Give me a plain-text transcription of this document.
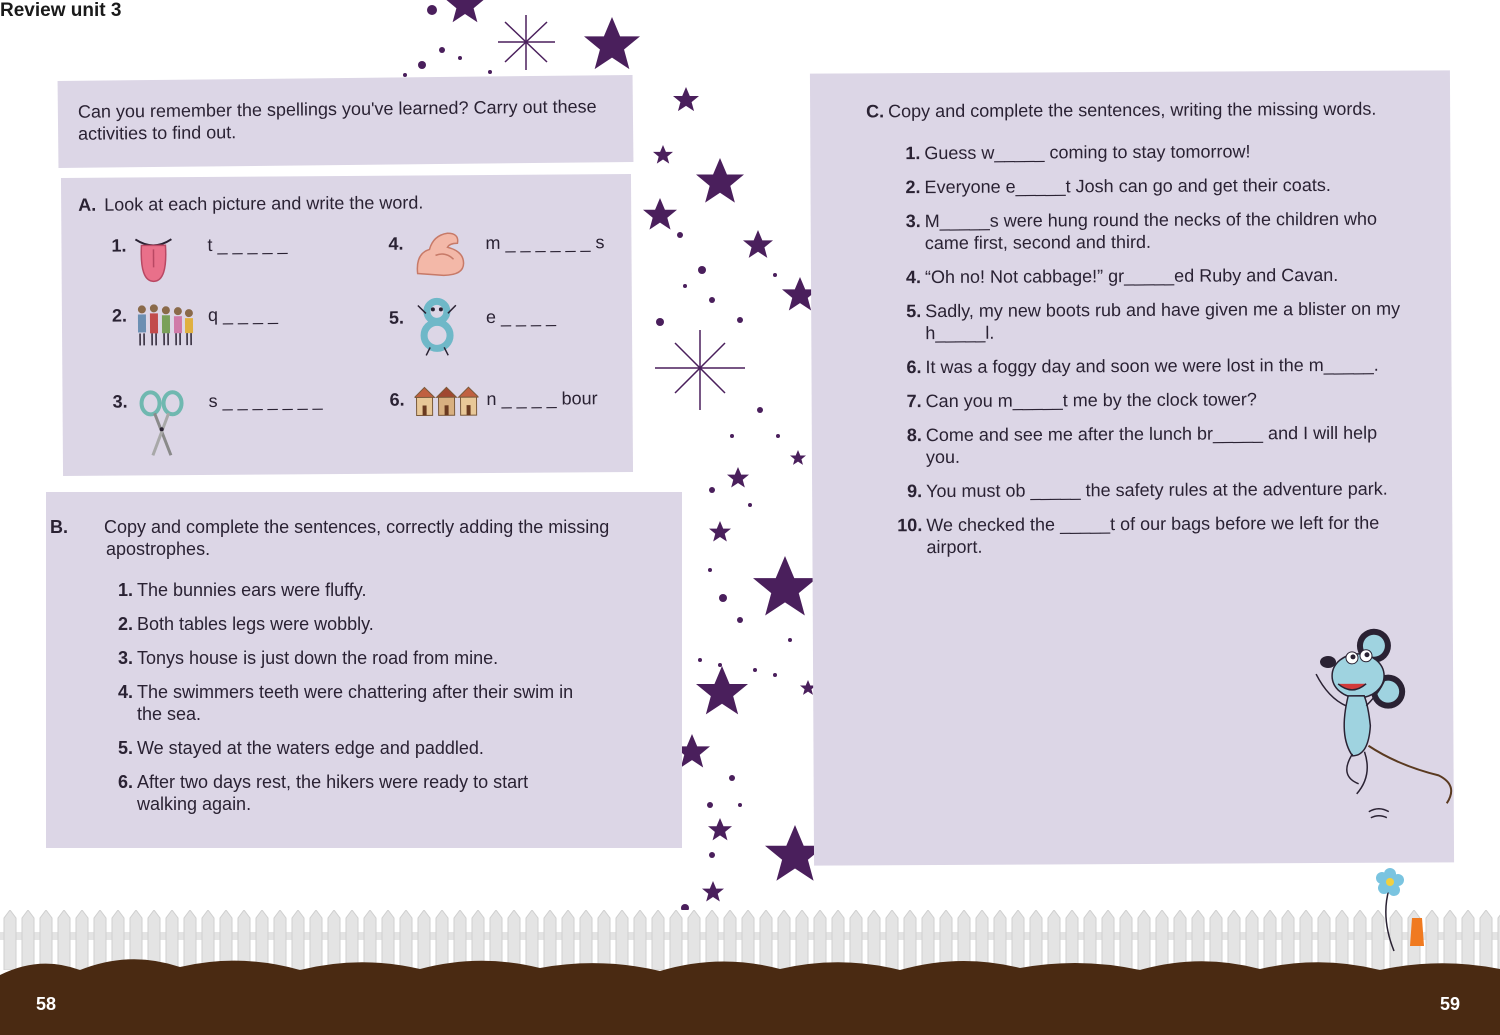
Review unit 3

Can you remember the spellings you've learned? Carry out these activities to find out.

A. Look at each picture and write the word.
1.	t _ _ _ _ _
2.	q _ _ _ _
3.	s _ _ _ _ _ _ _
4.	m _ _ _ _ _ _ s
5.	e _ _ _ _
6.	n _ _ _ _ bour
B. Copy and complete the sentences, correctly adding the missing apostrophes.
1. The bunnies ears were fluffy.
2. Both tables legs were wobbly.
3. Tonys house is just down the road from mine.
4. The swimmers teeth were chattering after their swim in the sea.
5. We stayed at the waters edge and paddled.
6. After two days rest, the hikers were ready to start walking again.
C. Copy and complete the sentences, writing the missing words.
1. Guess w_____ coming to stay tomorrow!
2. Everyone e_____t Josh can go and get their coats.
3. M_____s were hung round the necks of the children who came first, second and third.
4. “Oh no! Not cabbage!” gr_____ed Ruby and Cavan.
5. Sadly, my new boots rub and have given me a blister on my h_____l.
6. It was a foggy day and soon we were lost in the m_____.
7. Can you m_____t me by the clock tower?
8. Come and see me after the lunch br_____ and I will help you.
9. You must ob _____ the safety rules at the adventure park.
10. We checked the _____t of our bags before we left for the airport.
58	59
